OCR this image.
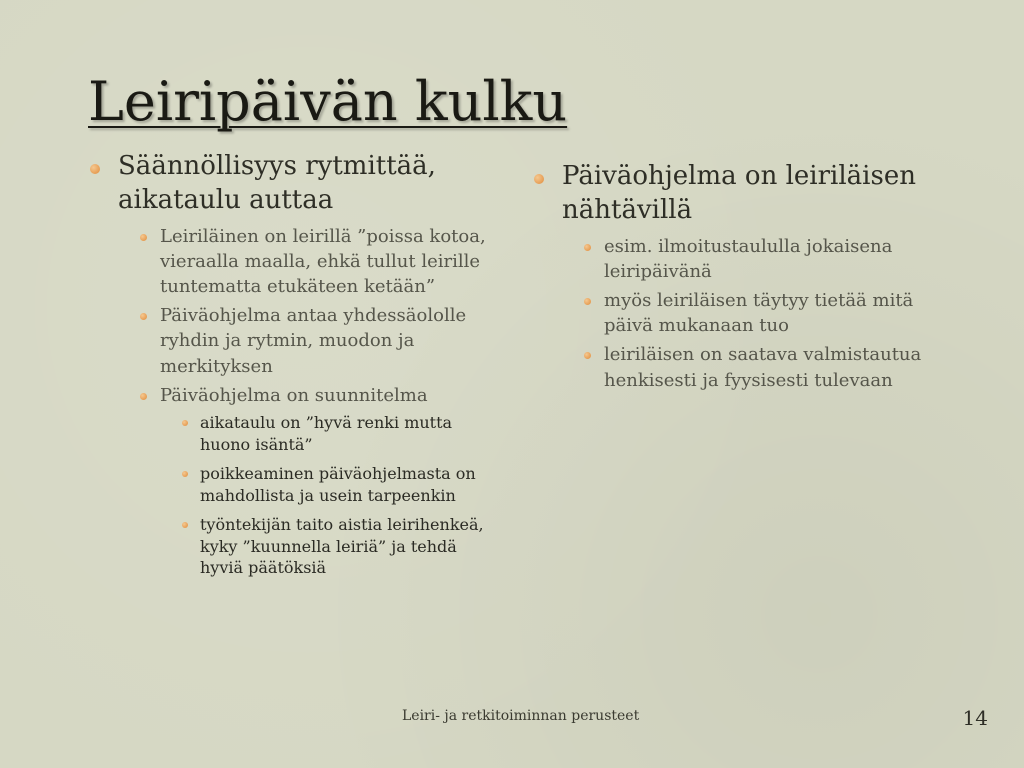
Leiripäivän kulku
Säännöllisyys rytmittää, aikataulu auttaa
Leiriläinen on leirillä ”poissa kotoa, vieraalla maalla, ehkä tullut leirille tuntematta etukäteen ketään”
Päiväohjelma antaa yhdessäololle ryhdin ja rytmin, muodon ja merkityksen
Päiväohjelma on suunnitelma
aikataulu on ”hyvä renki mutta huono isäntä”
poikkeaminen päiväohjelmasta on mahdollista ja usein tarpeenkin
työntekijän taito aistia leirihenkeä, kyky ”kuunnella leiriä” ja tehdä hyviä päätöksiä
Päiväohjelma on leiriläisen nähtävillä
esim. ilmoitustaululla jokaisena leiripäivänä
myös leiriläisen täytyy tietää mitä päivä mukanaan tuo
leiriläisen on saatava valmistautua henkisesti ja fyysisesti tulevaan
Leiri- ja retkitoiminnan perusteet	14
